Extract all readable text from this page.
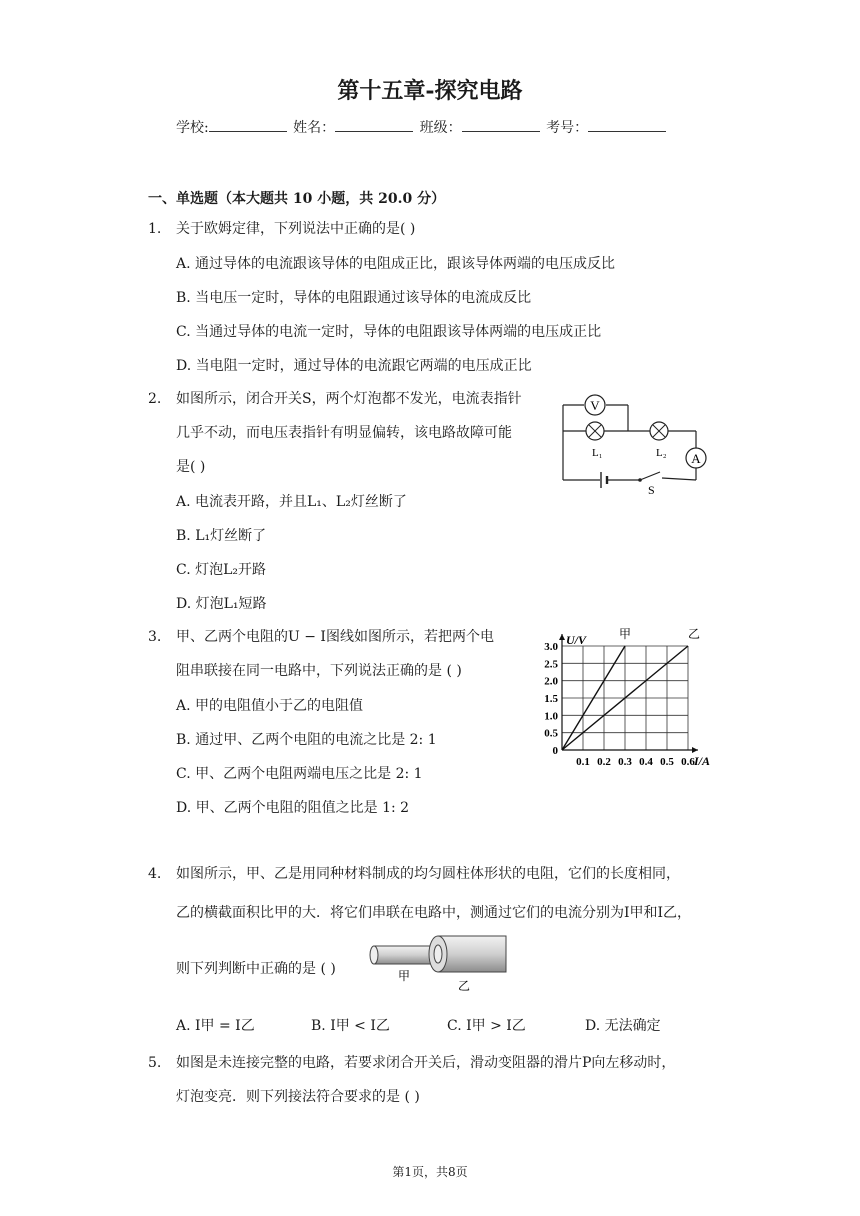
第十五章-探究电路
学校:	姓名：	班级：	考号：
一、单选题（本大题共 10 小题，共 20.0 分）
1. 关于欧姆定律，下列说法中正确的是( )
A. 通过导体的电流跟该导体的电阻成正比，跟该导体两端的电压成反比
B. 当电压一定时，导体的电阻跟通过该导体的电流成反比
C. 当通过导体的电流一定时，导体的电阻跟该导体两端的电压成正比
D. 当电阻一定时，通过导体的电流跟它两端的电压成正比
2. 如图所示，闭合开关S，两个灯泡都不发光，电流表指针
几乎不动，而电压表指针有明显偏转，该电路故障可能
是( )
A. 电流表开路，并且L₁、L₂灯丝断了
B. L₁灯丝断了
C. 灯泡L₂开路
D. 灯泡L₁短路
V
L₁	L₂ A
S
3. 甲、乙两个电阻的U − I图线如图所示，若把两个电
阻串联接在同一电路中，下列说法正确的是 ( )
A. 甲的电阻值小于乙的电阻值
B. 通过甲、乙两个电阻的电流之比是 2: 1
C. 甲、乙两个电阻两端电压之比是 2: 1
D. 甲、乙两个电阻的阻值之比是 1: 2
0.1 0.2 0.3 0.4 0.5 0.6
0
0.5
1.0
1.5
2.0
2.5
3.0 U/V
I/A
甲	乙
4. 如图所示，甲、乙是用同种材料制成的均匀圆柱体形状的电阻，它们的长度相同，
乙的横截面积比甲的大．将它们串联在电路中，测通过它们的电流分别为I甲和I乙，
则下列判断中正确的是 ( )	甲
乙
A. I甲 = I乙	B. I甲 < I乙	C. I甲 > I乙	D. 无法确定
5. 如图是未连接完整的电路，若要求闭合开关后，滑动变阻器的滑片P向左移动时，
灯泡变亮．则下列接法符合要求的是 ( )
第1页，共8页
